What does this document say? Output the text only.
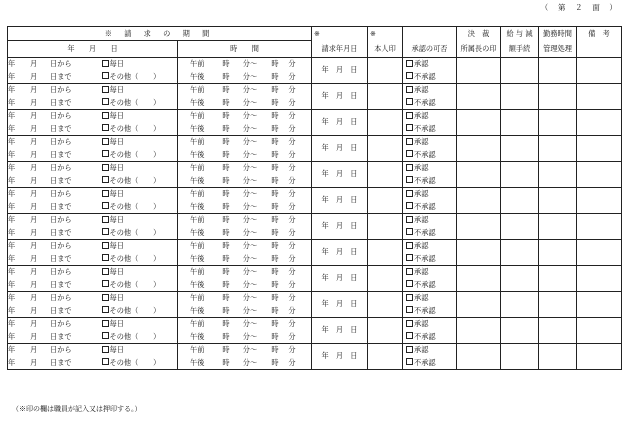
（　第　２　面　）
※ 請 求 の 期 間			※	※		決　裁	給 与 減	勤務時間	備　考
年　　月　　日		時　　間	請求年月日	本人印	承認の可否	所属長の印	額手続	管理処理	
年 月 日から	毎日	午前 時 分～ 時 分	年　月　日		承認				
年 月 日まで	その他（ ）	午後 時 分～ 時 分			不承認				
年 月 日から	毎日	午前 時 分～ 時 分	年　月　日		承認				
年 月 日まで	その他（ ）	午後 時 分～ 時 分			不承認				
年 月 日から	毎日	午前 時 分～ 時 分	年　月　日		承認				
年 月 日まで	その他（ ）	午後 時 分～ 時 分			不承認				
年 月 日から	毎日	午前 時 分～ 時 分	年　月　日		承認				
年 月 日まで	その他（ ）	午後 時 分～ 時 分			不承認				
年 月 日から	毎日	午前 時 分～ 時 分	年　月　日		承認				
年 月 日まで	その他（ ）	午後 時 分～ 時 分			不承認				
年 月 日から	毎日	午前 時 分～ 時 分	年　月　日		承認				
年 月 日まで	その他（ ）	午後 時 分～ 時 分			不承認				
年 月 日から	毎日	午前 時 分～ 時 分	年　月　日		承認				
年 月 日まで	その他（ ）	午後 時 分～ 時 分			不承認				
年 月 日から	毎日	午前 時 分～ 時 分	年　月　日		承認				
年 月 日まで	その他（ ）	午後 時 分～ 時 分			不承認				
年 月 日から	毎日	午前 時 分～ 時 分	年　月　日		承認				
年 月 日まで	その他（ ）	午後 時 分～ 時 分			不承認				
年 月 日から	毎日	午前 時 分～ 時 分	年　月　日		承認				
年 月 日まで	その他（ ）	午後 時 分～ 時 分			不承認				
年 月 日から	毎日	午前 時 分～ 時 分	年　月　日		承認				
年 月 日まで	その他（ ）	午後 時 分～ 時 分			不承認				
年 月 日から	毎日	午前 時 分～ 時 分	年　月　日		承認				
年 月 日まで	その他（ ）	午後 時 分～ 時 分			不承認				
（※印の欄は職員が記入又は押印する。）
